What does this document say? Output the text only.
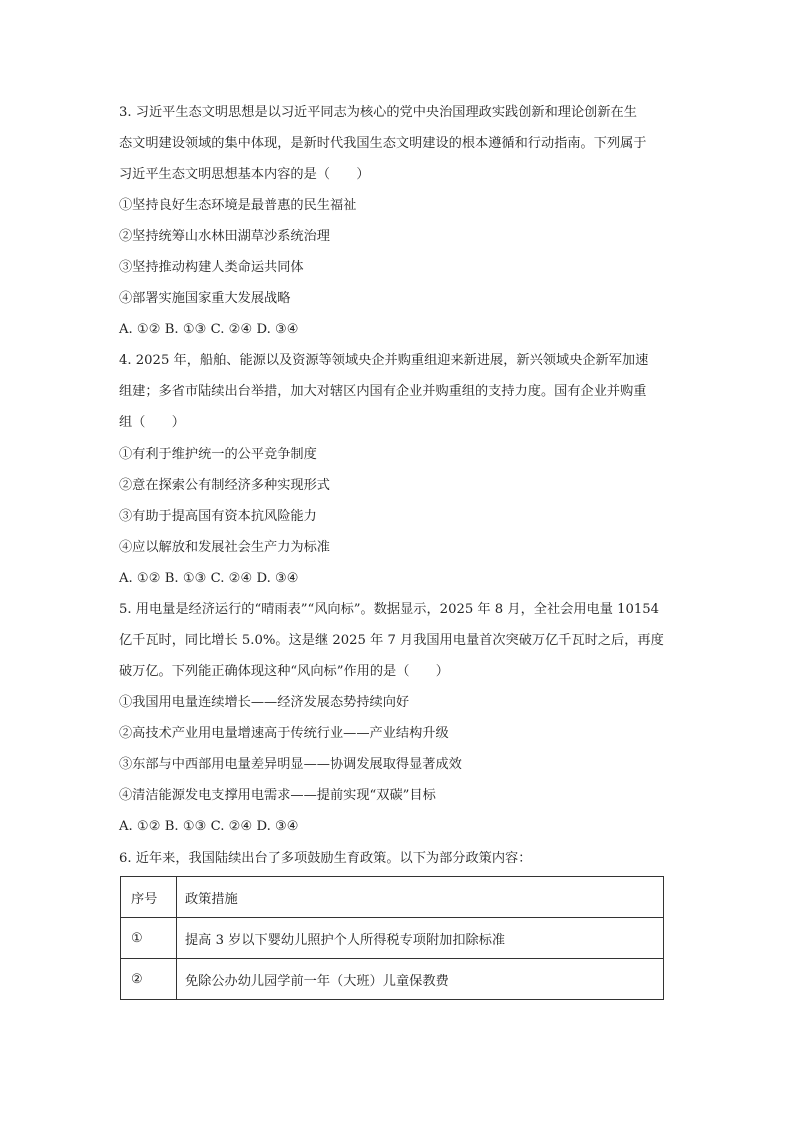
3. 习近平生态文明思想是以习近平同志为核心的党中央治国理政实践创新和理论创新在生
态文明建设领域的集中体现，是新时代我国生态文明建设的根本遵循和行动指南。下列属于
习近平生态文明思想基本内容的是（　　）
①坚持良好生态环境是最普惠的民生福祉
②坚持统筹山水林田湖草沙系统治理
③坚持推动构建人类命运共同体
④部署实施国家重大发展战略
A. ①② B. ①③ C. ②④ D. ③④
4. 2025 年，船舶、能源以及资源等领域央企并购重组迎来新进展，新兴领域央企新军加速
组建；多省市陆续出台举措，加大对辖区内国有企业并购重组的支持力度。国有企业并购重
组（　　）
①有利于维护统一的公平竞争制度
②意在探索公有制经济多种实现形式
③有助于提高国有资本抗风险能力
④应以解放和发展社会生产力为标准
A. ①② B. ①③ C. ②④ D. ③④
5. 用电量是经济运行的“晴雨表”“风向标”。数据显示，2025 年 8 月，全社会用电量 10154
亿千瓦时，同比增长 5.0%。这是继 2025 年 7 月我国用电量首次突破万亿千瓦时之后，再度
破万亿。下列能正确体现这种“风向标”作用的是（　　）
①我国用电量连续增长——经济发展态势持续向好
②高技术产业用电量增速高于传统行业——产业结构升级
③东部与中西部用电量差异明显——协调发展取得显著成效
④清洁能源发电支撑用电需求——提前实现“双碳”目标
A. ①② B. ①③ C. ②④ D. ③④
6. 近年来，我国陆续出台了多项鼓励生育政策。以下为部分政策内容：
序号	政策措施
①	提高 3 岁以下婴幼儿照护个人所得税专项附加扣除标准
②	免除公办幼儿园学前一年（大班）儿童保教费
